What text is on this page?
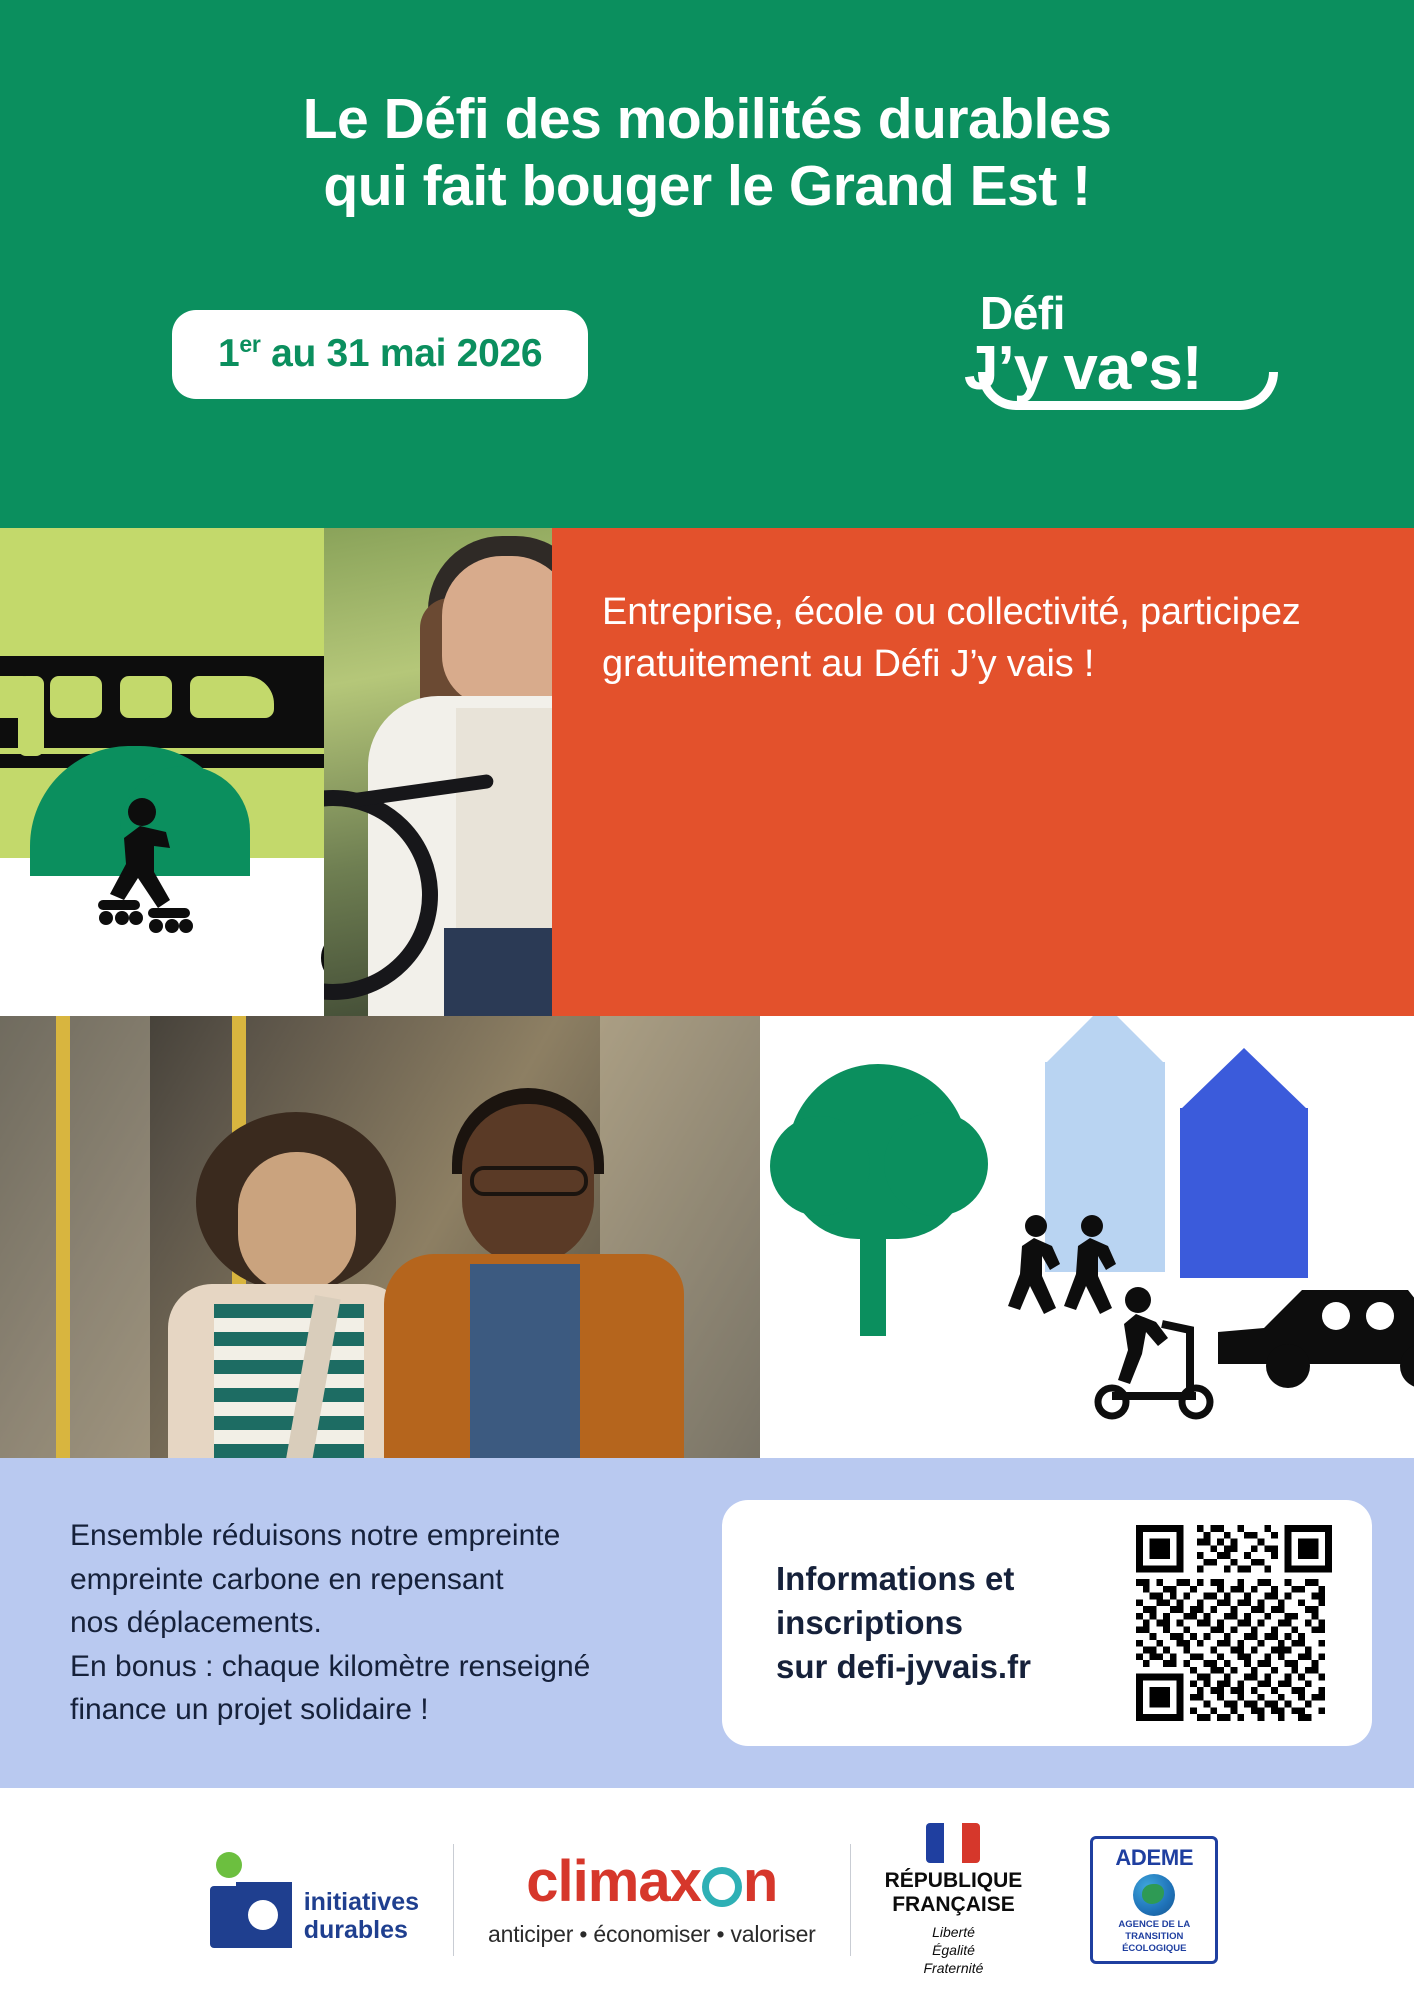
Le Défi des mobilités durables
qui fait bouger le Grand Est !
1er au 31 mai 2026
Défi
J’y va s!
Entreprise, école ou collectivité, participez gratuitement au Défi J’y vais !
Ensemble réduisons notre empreinte
empreinte carbone en repensant
nos déplacements.
En bonus : chaque kilomètre renseigné
finance un projet solidaire !
Informations et
inscriptions
sur defi-jyvais.fr
initiatives
durables
climax n
anticiper • économiser • valoriser
RÉPUBLIQUE
FRANÇAISE
Liberté
Égalité
Fraternité
ADEME
AGENCE DE LA
TRANSITION
ÉCOLOGIQUE
